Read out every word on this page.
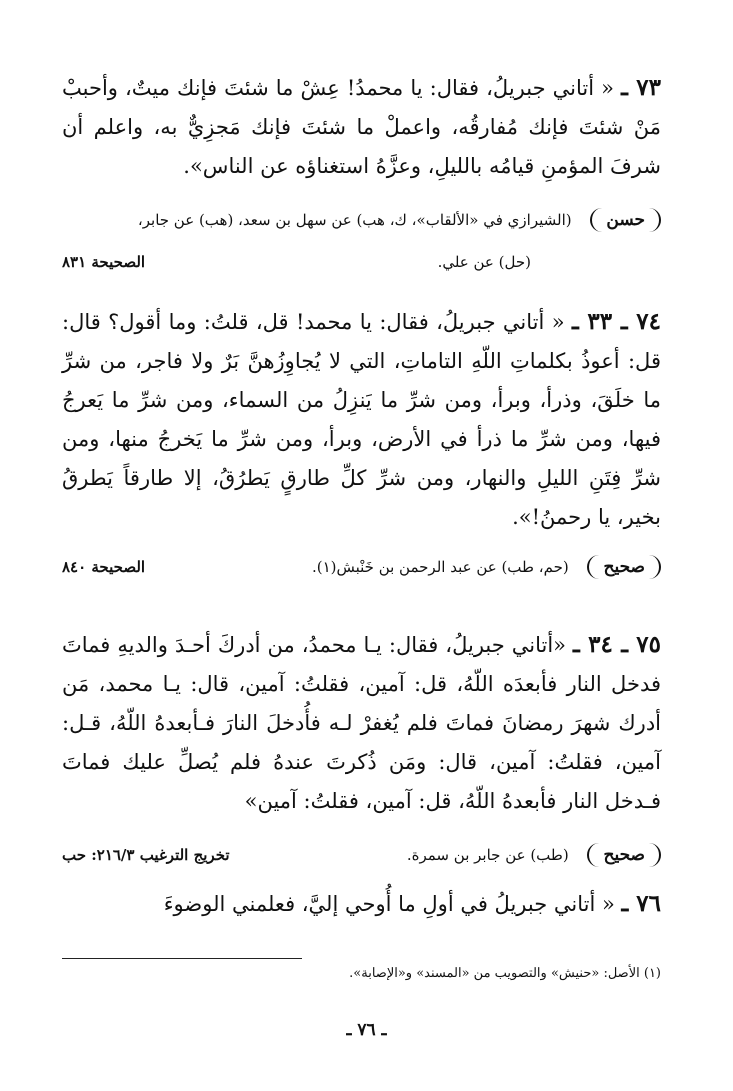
٧٣ ـ « أتاني جبريلُ، فقال: يا محمدُ! عِشْ ما شئتَ فإنك ميتٌ، وأحببْ مَنْ شئتَ فإنك مُفارقُه، واعملْ ما شئتَ فإنك مَجزِيٌّ به، واعلم أن شرفَ المؤمنِ قيامُه بالليلِ، وعزَّهُ استغناؤه عن الناس».
حسن (الشيرازي في «الألقاب»، ك، هب) عن سهل بن سعد، (هب) عن جابر،
(حل) عن علي.
الصحيحة ٨٣١
٧٤ ـ ٣٣ ـ « أتاني جبريلُ، فقال: يا محمد! قل، قلتُ: وما أقول؟ قال: قل: أعوذُ بكلماتِ اللّهِ التاماتِ، التي لا يُجاوِزُهنَّ بَرٌ ولا فاجر، من شرِّ ما خلَقَ، وذرأ، وبرأ، ومن شرِّ ما يَنزِلُ من السماء، ومن شرِّ ما يَعرجُ فيها، ومن شرِّ ما ذرأ في الأرض، وبرأ، ومن شرِّ ما يَخرجُ منها، ومن شرِّ فِتَنِ الليلِ والنهار، ومن شرِّ كلِّ طارقٍ يَطرُقُ، إلا طارقاً يَطرقُ بخير، يا رحمنُ!».
صحيح (حم، طب) عن عبد الرحمن بن خَنْبش(١).
الصحيحة ٨٤٠
٧٥ ـ ٣٤ ـ «أتاني جبريلُ، فقال: يـا محمدُ، من أدركَ أحـدَ والديهِ فماتَ فدخل النار فأبعدَه اللّهُ، قل: آمين، فقلتُ: آمين، قال: يـا محمد، مَن أدرك شهرَ رمضانَ فماتَ فلم يُغفرْ لـه فأُدخلَ النارَ فـأبعدهُ اللّهُ، قـل: آمين، فقلتُ: آمين، قال: ومَن ذُكرتَ عندهُ فلم يُصلِّ عليك فماتَ فـدخل النار فأبعدهُ اللّهُ، قل: آمين، فقلتُ: آمين»
صحيح (طب) عن جابر بن سمرة.
تخريج الترغيب ٢١٦/٣: حب
٧٦ ـ « أتاني جبريلُ في أولِ ما أُوحي إليَّ، فعلمني الوضوءَ
(١) الأصل: «حنيش» والتصويب من «المسند» و«الإصابة».
ـ ٧٦ ـ
